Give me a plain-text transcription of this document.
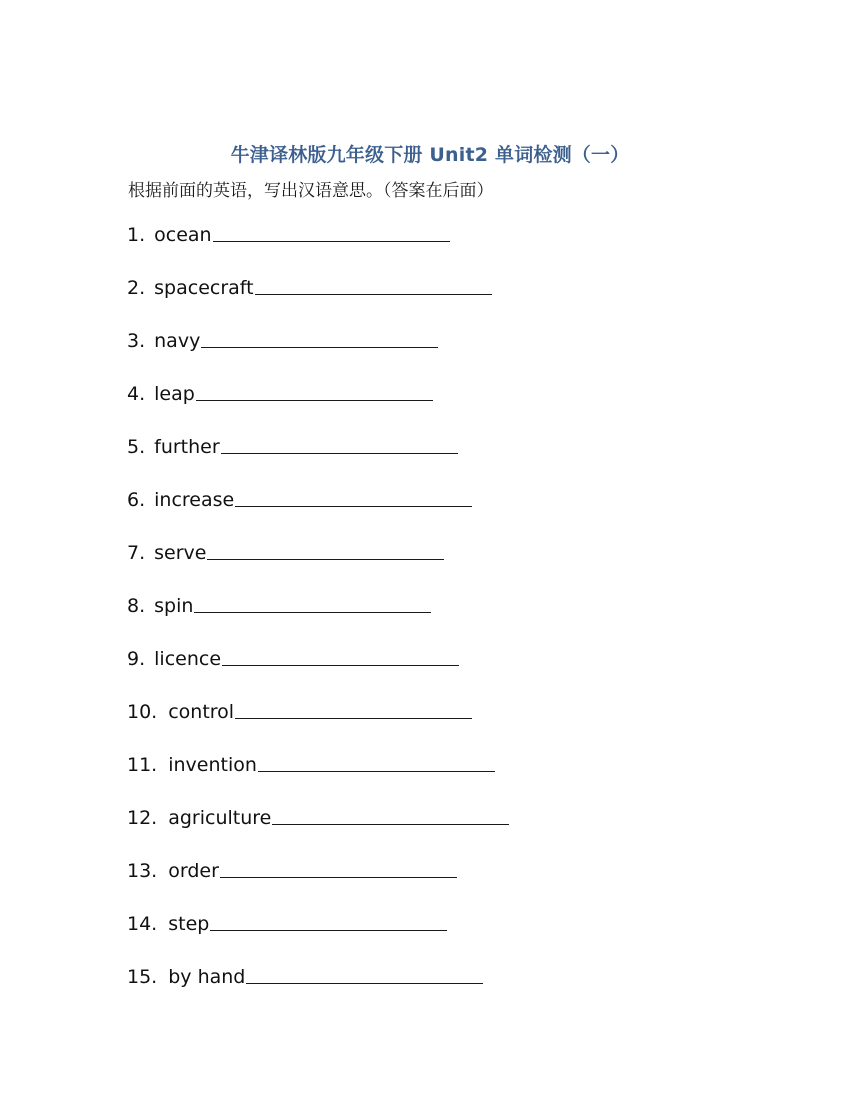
牛津译林版九年级下册 Unit2 单词检测（一）
根据前面的英语，写出汉语意思。（答案在后面）
1. ocean
2. spacecraft
3. navy
4. leap
5. further
6. increase
7. serve
8. spin
9. licence
10. control
11. invention
12. agriculture
13. order
14. step
15. by hand
